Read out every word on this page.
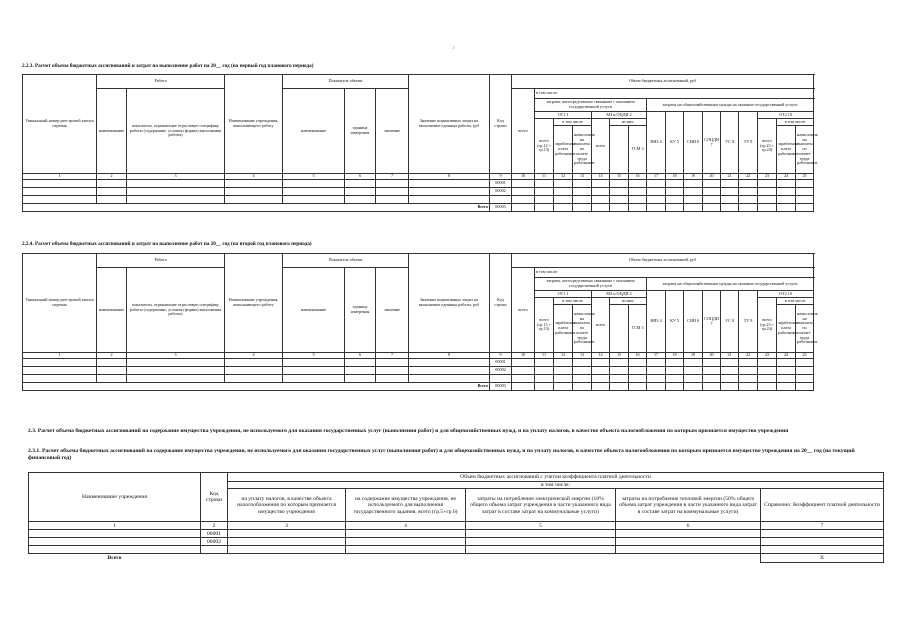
1
2.2.3. Расчет объема бюджетных ассигнований и затрат на выполнение работ на 20__ год (на первый год планового периода)
Уникальный номер реестровой записи перечня	Работа		Наименование учреждения, выполняющего работу	Показатель объема			Значение нормативных затрат на выполнение единицы работы, руб	Код строки	Объем бюджетных ассигнований, руб																
	наименование	показатели, отражающие отраслевую специфику работы (содержание, условия (формы) выполнения работы)		наименование	единица измерения	значение			всего	в том числе:															
										затраты, непосредственно связанные с оказанием государственной услуги						затраты на общехозяйственные нужды на оказание государственной услуги									
										ОТ1 1			МЗ и ОЦДИ 2			НИЗ 4	КУ 5	СНИ 6	СОЦДИ 7	УС 8	ТУ 9	ОТ2 10	
										всего (гр.12 + гр.13)	в том числе		всего	из них:								всего (гр.23 + гр.24)	в том числе		
											заработная плата работников	начисления на выплаты по оплате труда работников			ГСМ 3								заработная плата работников	начисления на выплаты по оплате труда работников	
1	2	3	4	5	6	7	8	9	10	11	12	13	14	15	16	17	18	19	20	21	22	23	24	25	
								00001																	
								00002																	

Всего								00003																	
2.2.4. Расчет объема бюджетных ассигнований и затрат на выполнение работ на 20__ год (на второй год планового периода)
Уникальный номер реестровой записи перечня	Работа		Наименование учреждения, выполняющего работу	Показатель объема			Значение нормативных затрат на выполнение единицы работы, руб	Код строки	Объем бюджетных ассигнований, руб																
	наименование	показатели, отражающие отраслевую специфику работы (содержание, условия (формы) выполнения работы)		наименование	единица измерения	значение			всего	в том числе:															
										затраты, непосредственно связанные с оказанием государственной услуги						затраты на общехозяйственные нужды на оказание государственной услуги									
										ОТ1 1			МЗ и ОЦДИ 2			НИЗ 4	КУ 5	СНИ 6	СОЦДИ 7	УС 8	ТУ 9	ОТ2 10	
										всего (гр.13 + гр.13)	в том числе		всего	из них:								всего (гр.23 + гр.24)	в том числе		
											заработная плата работников	начисления на выплаты по оплате труда работников			ГСМ 3								заработная плата работников	начисления на выплаты по оплате труда работников	
1	2	3	4	5	6	7	8	9	10	11	12	13	14	15	16	17	18	19	20	21	22	23	24	25	
								00001																	
								00002																	

Всего								00003																	
2.3. Расчет объема бюджетных ассигнований на содержание имущества учреждения, не используемого для оказания государственных услуг (выполнения работ) и для общехозяйственных нужд, и на уплату налогов, в качестве объекта налогообложения по которым признается имущество учреждения
2.3.1. Расчет объема бюджетных ассигнований на содержание имущества учреждения, не используемого для оказания государственных услуг (выполнения работ) и для общехозяйственных нужд, и на уплату налогов, в качестве объекта налогообложения по которым признается имущество учреждения на 20__ год (на текущий финансовый год)
Наименование учреждения	Код строки	Объем бюджетных ассигнований с учетом коэффициента платной деятельности				
		в том числе:				
		на уплату налогов, в качестве объекта налогообложения по которым признается имущество учреждения	на содержание имущества учреждения, не используемого для выполнения государственного задания, всего (гр.5+гр.6)	затраты на потребление электрической энергии (10% общего объема затрат учреждения в части указанного вида затрат в составе затрат на коммунальные услуги)	затраты на потребление тепловой энергии (50% общего объема затрат учреждения в части указанного вида затрат в составе затрат на коммунальные услуги)	Справочно: Коэффициент платной деятельности
1	2	3	4	5	6	7
	00001					
	00002					

Всего						X
